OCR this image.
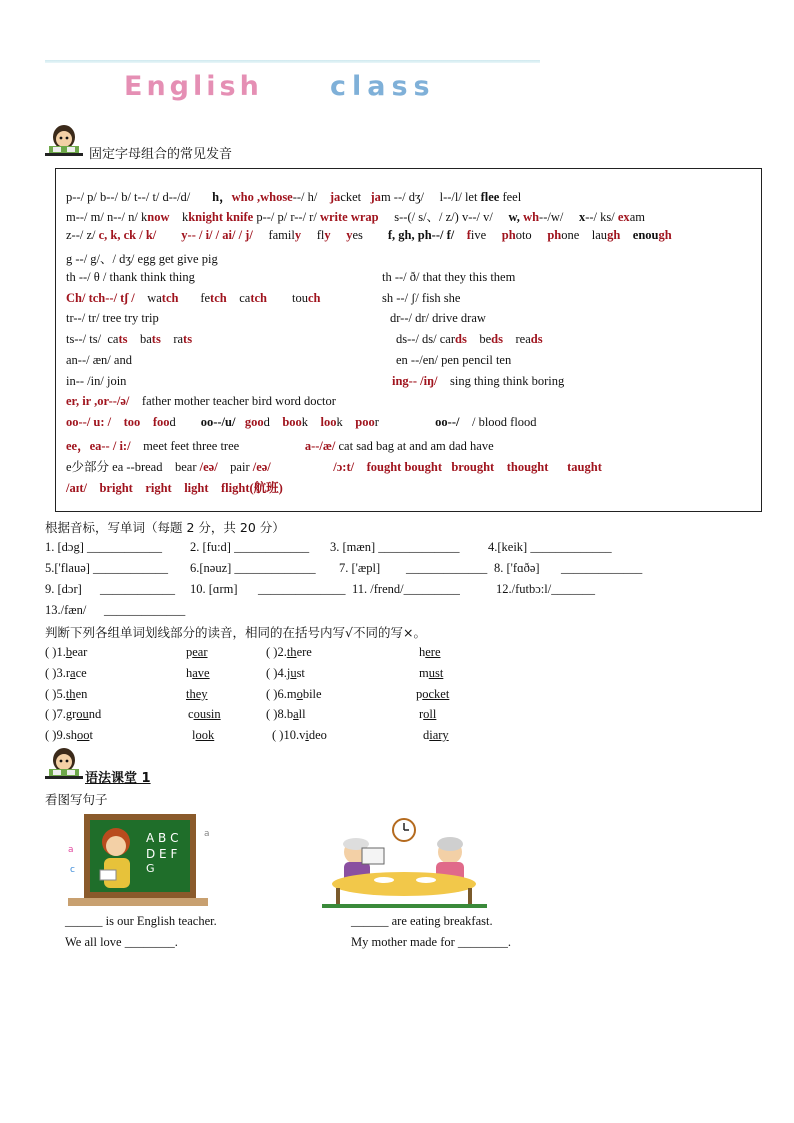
English class
固定字母组合的常见发音
p--/ p/ b--/ b/ t--/ t/ d--/d/ h，who ,whose--/ h/ jacket jam --/ dʒ/ l--/l/ let flee feel
m--/ m/ n--/ n/ know    kknight knife p--/ p/ r--/ r/ write wrap s--(/ s/、/ z/) v--/ v/ w, wh--/w/ x--/ ks/ exam
z--/ z/ c, k, ck / k/ y-- / i/ / ai/ / j/ family fly yes f, gh, ph--/ f/ five photo phone laugh enough
g --/ g/、/ dʒ/ egg get give pig
th --/ θ / thank think thing	th --/ ð/ that they this them
Ch/ tch--/ tʃ / watch fetch catch touch	sh --/ ʃ/ fish she
tr--/ tr/ tree try trip	dr--/ dr/ drive draw
ts--/ ts/  cats bats rats	ds--/ ds/ cards beds reads
an--/ æn/ and	en --/en/ pen pencil ten
in-- /in/ join	ing-- /iŋ/ sing thing think boring
er, ir ,or--/ə/ father mother teacher bird word doctor
oo--/ u: / too food oo--/u/ good book look poor	oo--/ / blood flood
ee，ea-- / i:/ meet feet three tree	a--/æ/ cat sad bag at and am dad have
e少部分 ea --bread bear /eə/ pair /eə/	/ɔ:t/ fought bought brought thought taught
/aɪt/ bright right light flight(航班)
根据音标，写单词（每题 2 分，共 20 分）
1. [dɔg] ____________ 2. [fu:d] ____________ 3. [mæn] _____________ 4.[keik] _____________
5.['flauə] ____________ 6.[nəuz] _____________ 7. ['æpl] _____________ 8. ['fɑðə] _____________
9. [dɔr] ____________ 10. [ɑrm] ______________ 11. /frend/_________	12./futbɔ:l/_______
13./fæn/ _____________
判断下列各组单词划线部分的读音，相同的在括号内写√不同的写×。
( )1.bear	pear	( )2.there	here
( )3.race	have	( )4.just	must
( )5.then	they	( )6.mobile	pocket
( )7.ground	cousin	( )8.ball	roll
( )9.shoot	look	( )10.video	diary
语法课堂 1
看图写句子
A B C
D E F
G
a
c
a
______ is our English teacher.
We all love ________.
______ are eating breakfast.
My mother made for ________.
